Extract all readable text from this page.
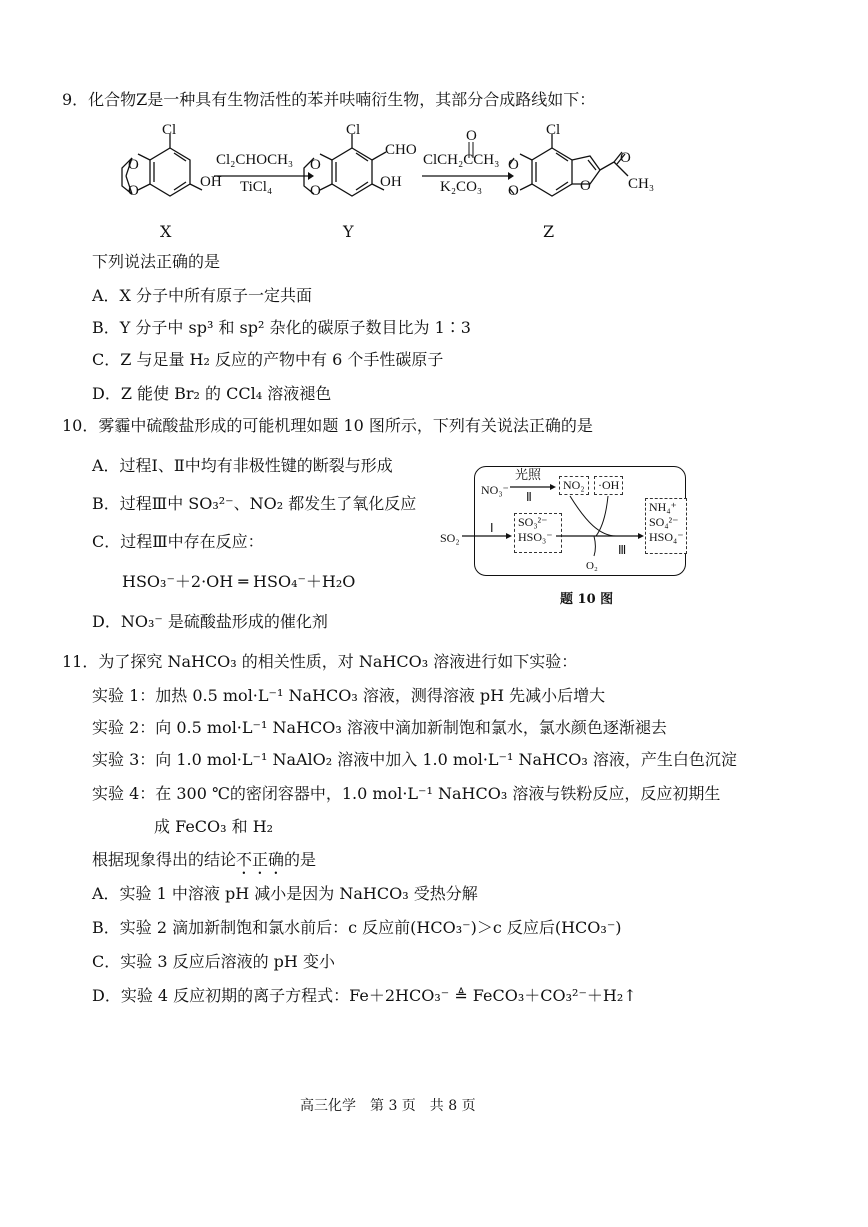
9．化合物Z是一种具有生物活性的苯并呋喃衍生物，其部分合成路线如下：
Cl
OH
O
O
Cl₂CHOCH₃
TiCl₄
Cl
CHO
OH
O
O
O
ClCH₂CCH₃
K₂CO₃
Cl
O
CH₃
O
O
O
X	Y	Z
下列说法正确的是
A．X 分子中所有原子一定共面
B．Y 分子中 sp³ 和 sp² 杂化的碳原子数目比为 1∶3
C．Z 与足量 H₂ 反应的产物中有 6 个手性碳原子
D．Z 能使 Br₂ 的 CCl₄ 溶液褪色
10．雾霾中硫酸盐形成的可能机理如题 10 图所示，下列有关说法正确的是
A．过程Ⅰ、Ⅱ中均有非极性键的断裂与形成
B．过程Ⅲ中 SO₃²⁻、NO₂ 都发生了氧化反应
C．过程Ⅲ中存在反应：
HSO₃⁻＋2·OH ═ HSO₄⁻＋H₂O
D．NO₃⁻ 是硫酸盐形成的催化剂
NO₃⁻
光照
Ⅱ
NO₂	·OH
SO₂
Ⅰ SO₃²⁻
HSO₃⁻
Ⅲ
O₂
NH₄⁺
SO₄²⁻
HSO₄⁻
题 10 图
11．为了探究 NaHCO₃ 的相关性质，对 NaHCO₃ 溶液进行如下实验：
实验 1：加热 0.5 mol·L⁻¹ NaHCO₃ 溶液，测得溶液 pH 先减小后增大
实验 2：向 0.5 mol·L⁻¹ NaHCO₃ 溶液中滴加新制饱和氯水，氯水颜色逐渐褪去
实验 3：向 1.0 mol·L⁻¹ NaAlO₂ 溶液中加入 1.0 mol·L⁻¹ NaHCO₃ 溶液，产生白色沉淀
实验 4：在 300 ℃的密闭容器中，1.0 mol·L⁻¹ NaHCO₃ 溶液与铁粉反应，反应初期生
成 FeCO₃ 和 H₂
根据现象得出的结论不正确的是
A．实验 1 中溶液 pH 减小是因为 NaHCO₃ 受热分解
B．实验 2 滴加新制饱和氯水前后：c 反应前(HCO₃⁻)＞c 反应后(HCO₃⁻)
C．实验 3 反应后溶液的 pH 变小
D．实验 4 反应初期的离子方程式：Fe＋2HCO₃⁻ ≜ FeCO₃＋CO₃²⁻＋H₂↑
高三化学　第 3 页　共 8 页
